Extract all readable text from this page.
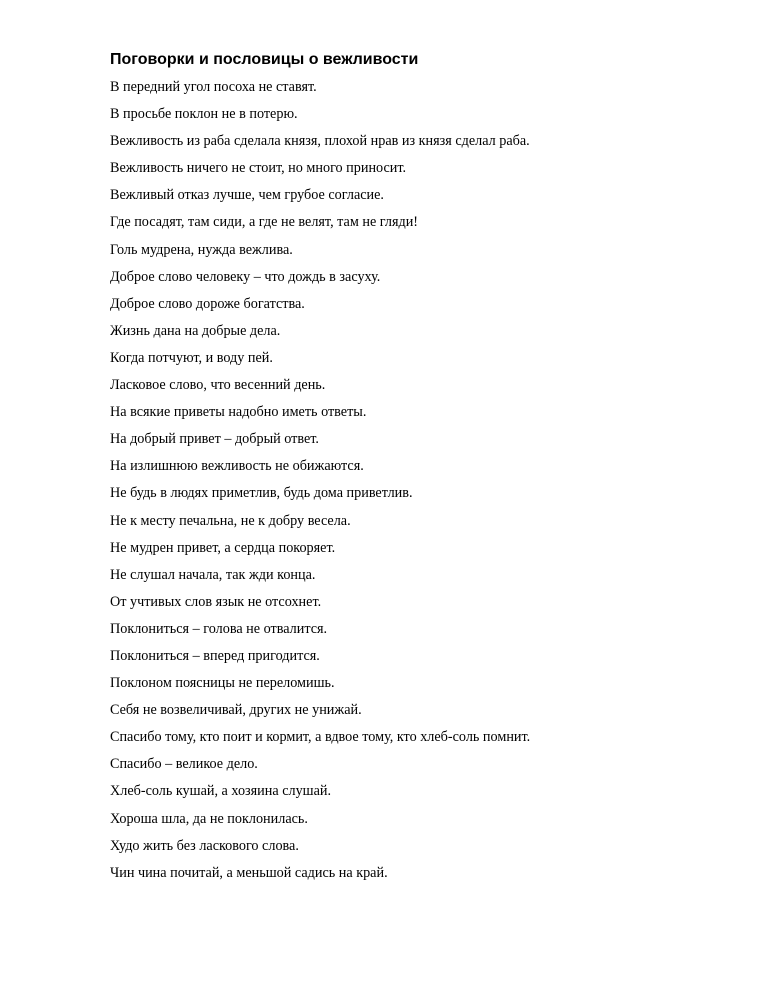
Поговорки и пословицы о вежливости
В передний угол посоха не ставят.
В просьбе поклон не в потерю.
Вежливость из раба сделала князя, плохой нрав из князя сделал раба.
Вежливость ничего не стоит, но много приносит.
Вежливый отказ лучше, чем грубое согласие.
Где посадят, там сиди, а где не велят, там не гляди!
Голь мудрена, нужда вежлива.
Доброе слово человеку – что дождь в засуху.
Доброе слово дороже богатства.
Жизнь дана на добрые дела.
Когда потчуют, и воду пей.
Ласковое слово, что весенний день.
На всякие приветы надобно иметь ответы.
На добрый привет – добрый ответ.
На излишнюю вежливость не обижаются.
Не будь в людях приметлив, будь дома приветлив.
Не к месту печальна, не к добру весела.
Не мудрен привет, а сердца покоряет.
Не слушал начала, так жди конца.
От учтивых слов язык не отсохнет.
Поклониться – голова не отвалится.
Поклониться – вперед пригодится.
Поклоном поясницы не переломишь.
Себя не возвеличивай, других не унижай.
Спасибо тому, кто поит и кормит, а вдвое тому, кто хлеб-соль помнит.
Спасибо – великое дело.
Хлеб-соль кушай, а хозяина слушай.
Хороша шла, да не поклонилась.
Худо жить без ласкового слова.
Чин чина почитай, а меньшой садись на край.
